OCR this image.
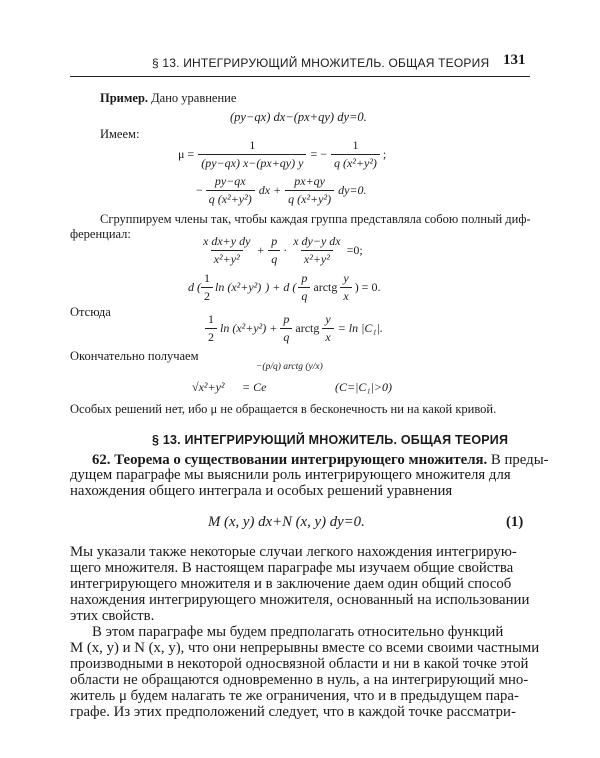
§ 13. ИНТЕГРИРУЮЩИЙ МНОЖИТЕЛЬ. ОБЩАЯ ТЕОРИЯ 131
Пример. Дано уравнение
(py−qx) dx−(px+qy) dy=0.
Имеем:
$\mu = \frac{1}{(py-qx) x-(px+qy) y}$ = − $\frac{1}{\text{q (x²+y²)}}$ ;
− $\frac{py-qx}{\text{q (x²+y²)}}$ dx + $\frac{px+qy}{\text{q (x²+y²)}} dy=0$.
Сгруппируем члены так, чтобы каждая группа представляла собою полный диф-
ференциал:	$\frac{\text{x dx+y dy}}{\text{x²+y²}} + \frac{p}{q} \cdot \frac{\text{x dy−y dx}}{\text{x²+y²}} =0$;
d ( $\frac{1}{2}$ ln (x²+y²) ) + d ( $\frac{p}{q}$ arctg $\frac{y}{x}$ ) = 0.
Отсюда	$\frac{1}{2}$ $\ln (x^2+y^2) + \frac{p}{q}$ arctg $\frac{y}{x} = \ln |C_1|$.
Окончательно получаем
−(p/q) arctg (y/x)
√x²+y² = Ce	(C=|C₁|>0)
Особых решений нет, ибо μ не обращается в бесконечность ни на какой кривой.
§ 13. ИНТЕГРИРУЮЩИЙ МНОЖИТЕЛЬ. ОБЩАЯ ТЕОРИЯ
62. Теорема о существовании интегрирующего множителя. В преды-
дущем параграфе мы выяснили роль интегрирующего множителя для
нахождения общего интеграла и особых решений уравнения
M (x, y) dx+N (x, y) dy=0.	(1)
Мы указали также некоторые случаи легкого нахождения интегрирую-
щего множителя. В настоящем параграфе мы изучаем общие свойства
интегрирующего множителя и в заключение даем один общий способ
нахождения интегрирующего множителя, основанный на использовании
этих свойств.
В этом параграфе мы будем предполагать относительно функций
M (x, y) и N (x, y), что они непрерывны вместе со всеми своими частными
производными в некоторой односвязной области и ни в какой точке этой
области не обращаются одновременно в нуль, а на интегрирующий мно-
житель μ будем налагать те же ограничения, что и в предыдущем пара-
графе. Из этих предположений следует, что в каждой точке рассматри-
